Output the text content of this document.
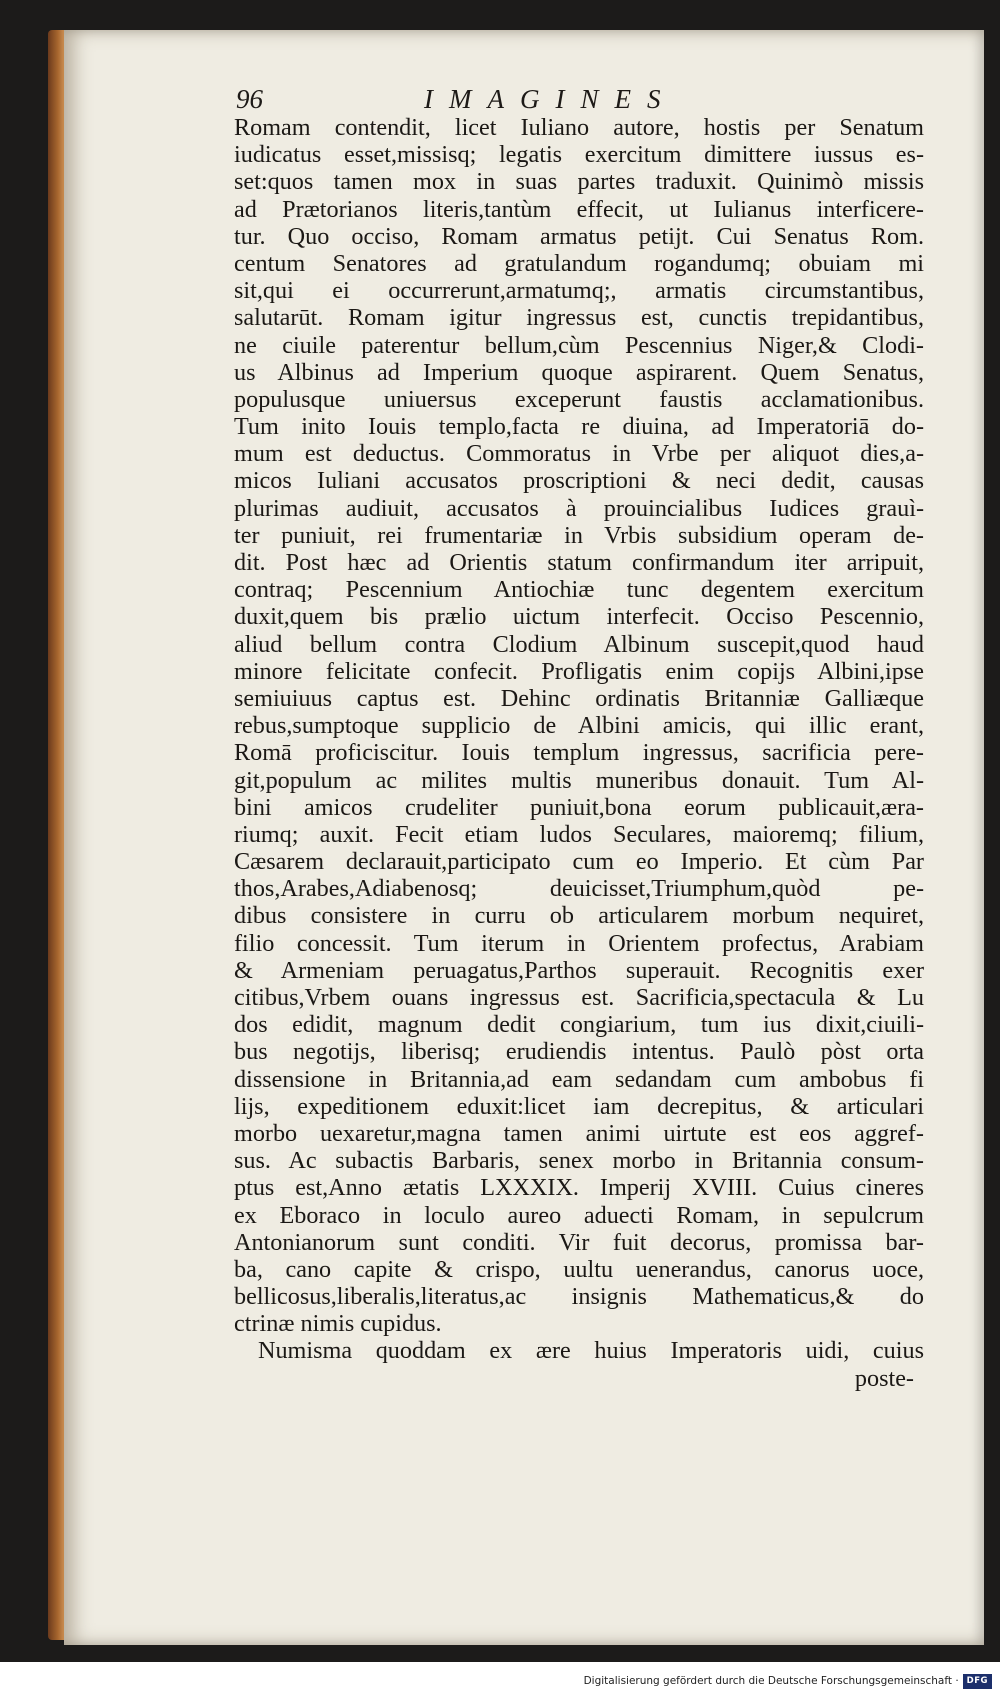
96	IMAGINES
Romam contendit, licet Iuliano autore, hostis per Senatum
iudicatus esset,missisq; legatis exercitum dimittere iussus es-
set:quos tamen mox in suas partes traduxit. Quinimò missis
ad Prætorianos literis,tantùm effecit, ut Iulianus interficere-
tur. Quo occiso, Romam armatus petijt. Cui Senatus Rom.
centum Senatores ad gratulandum rogandumq; obuiam mi
sit,qui ei occurrerunt,armatumq;, armatis circumstantibus,
salutarūt. Romam igitur ingressus est, cunctis trepidantibus,
ne ciuile paterentur bellum,cùm Pescennius Niger,& Clodi-
us Albinus ad Imperium quoque aspirarent. Quem Senatus,
populusque uniuersus exceperunt faustis acclamationibus.
Tum inito Iouis templo,facta re diuina, ad Imperatoriā do-
mum est deductus. Commoratus in Vrbe per aliquot dies,a-
micos Iuliani accusatos proscriptioni & neci dedit, causas
plurimas audiuit, accusatos à prouincialibus Iudices grauì-
ter puniuit, rei frumentariæ in Vrbis subsidium operam de-
dit. Post hæc ad Orientis statum confirmandum iter arripuit,
contraq; Pescennium Antiochiæ tunc degentem exercitum
duxit,quem bis prælio uictum interfecit. Occiso Pescennio,
aliud bellum contra Clodium Albinum suscepit,quod haud
minore felicitate confecit. Profligatis enim copijs Albini,ipse
semiuiuus captus est. Dehinc ordinatis Britanniæ Galliæque
rebus,sumptoque supplicio de Albini amicis, qui illic erant,
Romā proficiscitur. Iouis templum ingressus, sacrificia pere-
git,populum ac milites multis muneribus donauit. Tum Al-
bini amicos crudeliter puniuit,bona eorum publicauit,æra-
riumq; auxit. Fecit etiam ludos Seculares, maioremq; filium,
Cæsarem declarauit,participato cum eo Imperio. Et cùm Par
thos,Arabes,Adiabenosq; deuicisset,Triumphum,quòd pe-
dibus consistere in curru ob articularem morbum nequiret,
filio concessit. Tum iterum in Orientem profectus, Arabiam
& Armeniam peruagatus,Parthos superauit. Recognitis exer
citibus,Vrbem ouans ingressus est. Sacrificia,spectacula & Lu
dos edidit, magnum dedit congiarium, tum ius dixit,ciuili-
bus negotijs, liberisq; erudiendis intentus. Paulò pòst orta
dissensione in Britannia,ad eam sedandam cum ambobus fi
lijs, expeditionem eduxit:licet iam decrepitus, & articulari
morbo uexaretur,magna tamen animi uirtute est eos aggref-
sus. Ac subactis Barbaris, senex morbo in Britannia consum-
ptus est,Anno ætatis LXXXIX. Imperij XVIII. Cuius cineres
ex Eboraco in loculo aureo aduecti Romam, in sepulcrum
Antonianorum sunt conditi. Vir fuit decorus, promissa bar-
ba, cano capite & crispo, uultu uenerandus, canorus uoce,
bellicosus,liberalis,literatus,ac insignis Mathematicus,& do
ctrinæ nimis cupidus.
Numisma quoddam ex ære huius Imperatoris uidi, cuius
poste-
Digitalisierung gefördert durch die Deutsche Forschungsgemeinschaft · DFG
